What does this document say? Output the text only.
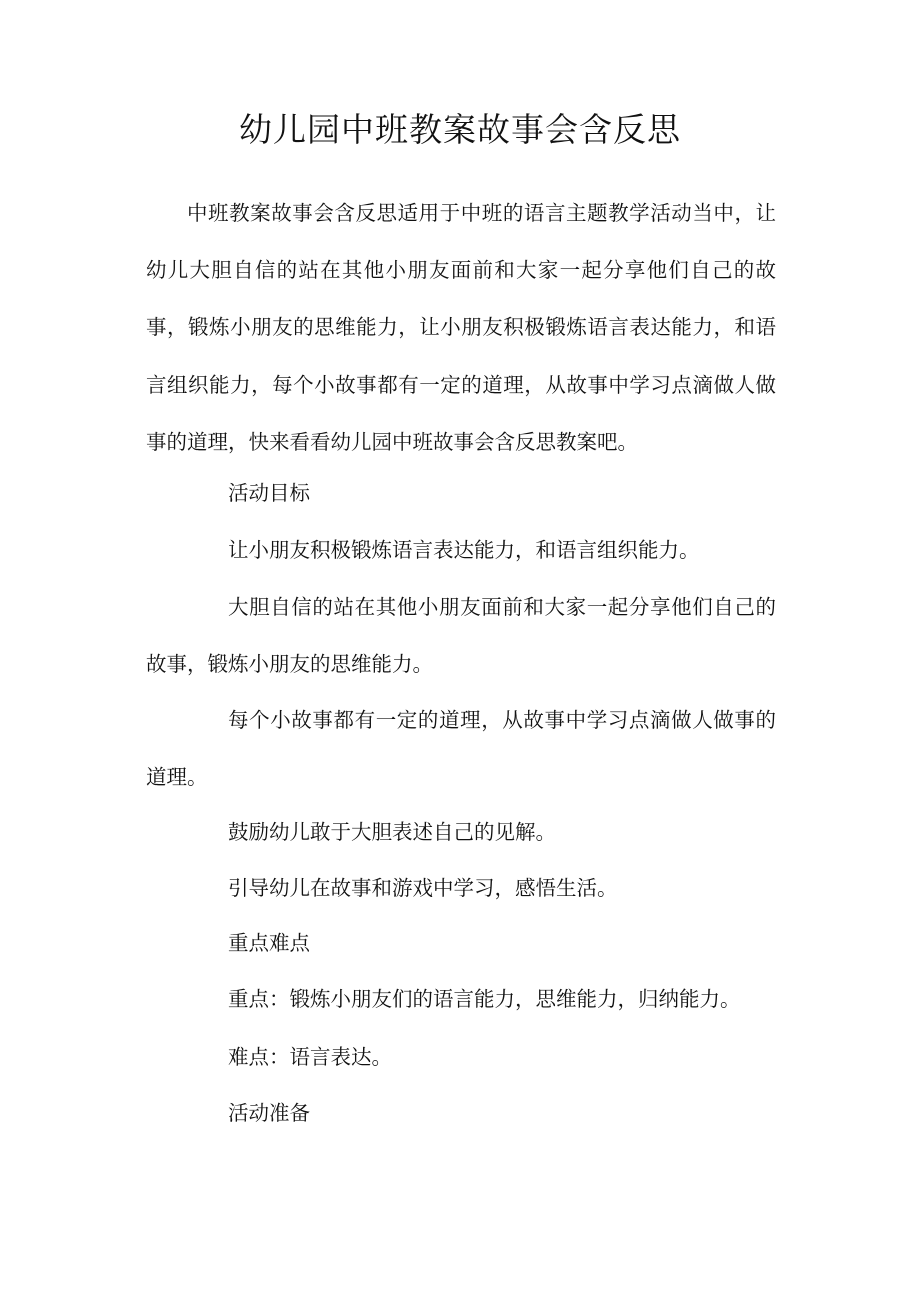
幼儿园中班教案故事会含反思

中班教案故事会含反思适用于中班的语言主题教学活动当中，让幼儿大胆自信的站在其他小朋友面前和大家一起分享他们自己的故事，锻炼小朋友的思维能力，让小朋友积极锻炼语言表达能力，和语言组织能力，每个小故事都有一定的道理，从故事中学习点滴做人做事的道理，快来看看幼儿园中班故事会含反思教案吧。

活动目标

让小朋友积极锻炼语言表达能力，和语言组织能力。

大胆自信的站在其他小朋友面前和大家一起分享他们自己的故事，锻炼小朋友的思维能力。

每个小故事都有一定的道理，从故事中学习点滴做人做事的道理。

鼓励幼儿敢于大胆表述自己的见解。

引导幼儿在故事和游戏中学习，感悟生活。

重点难点

重点：锻炼小朋友们的语言能力，思维能力，归纳能力。

难点：语言表达。

活动准备
